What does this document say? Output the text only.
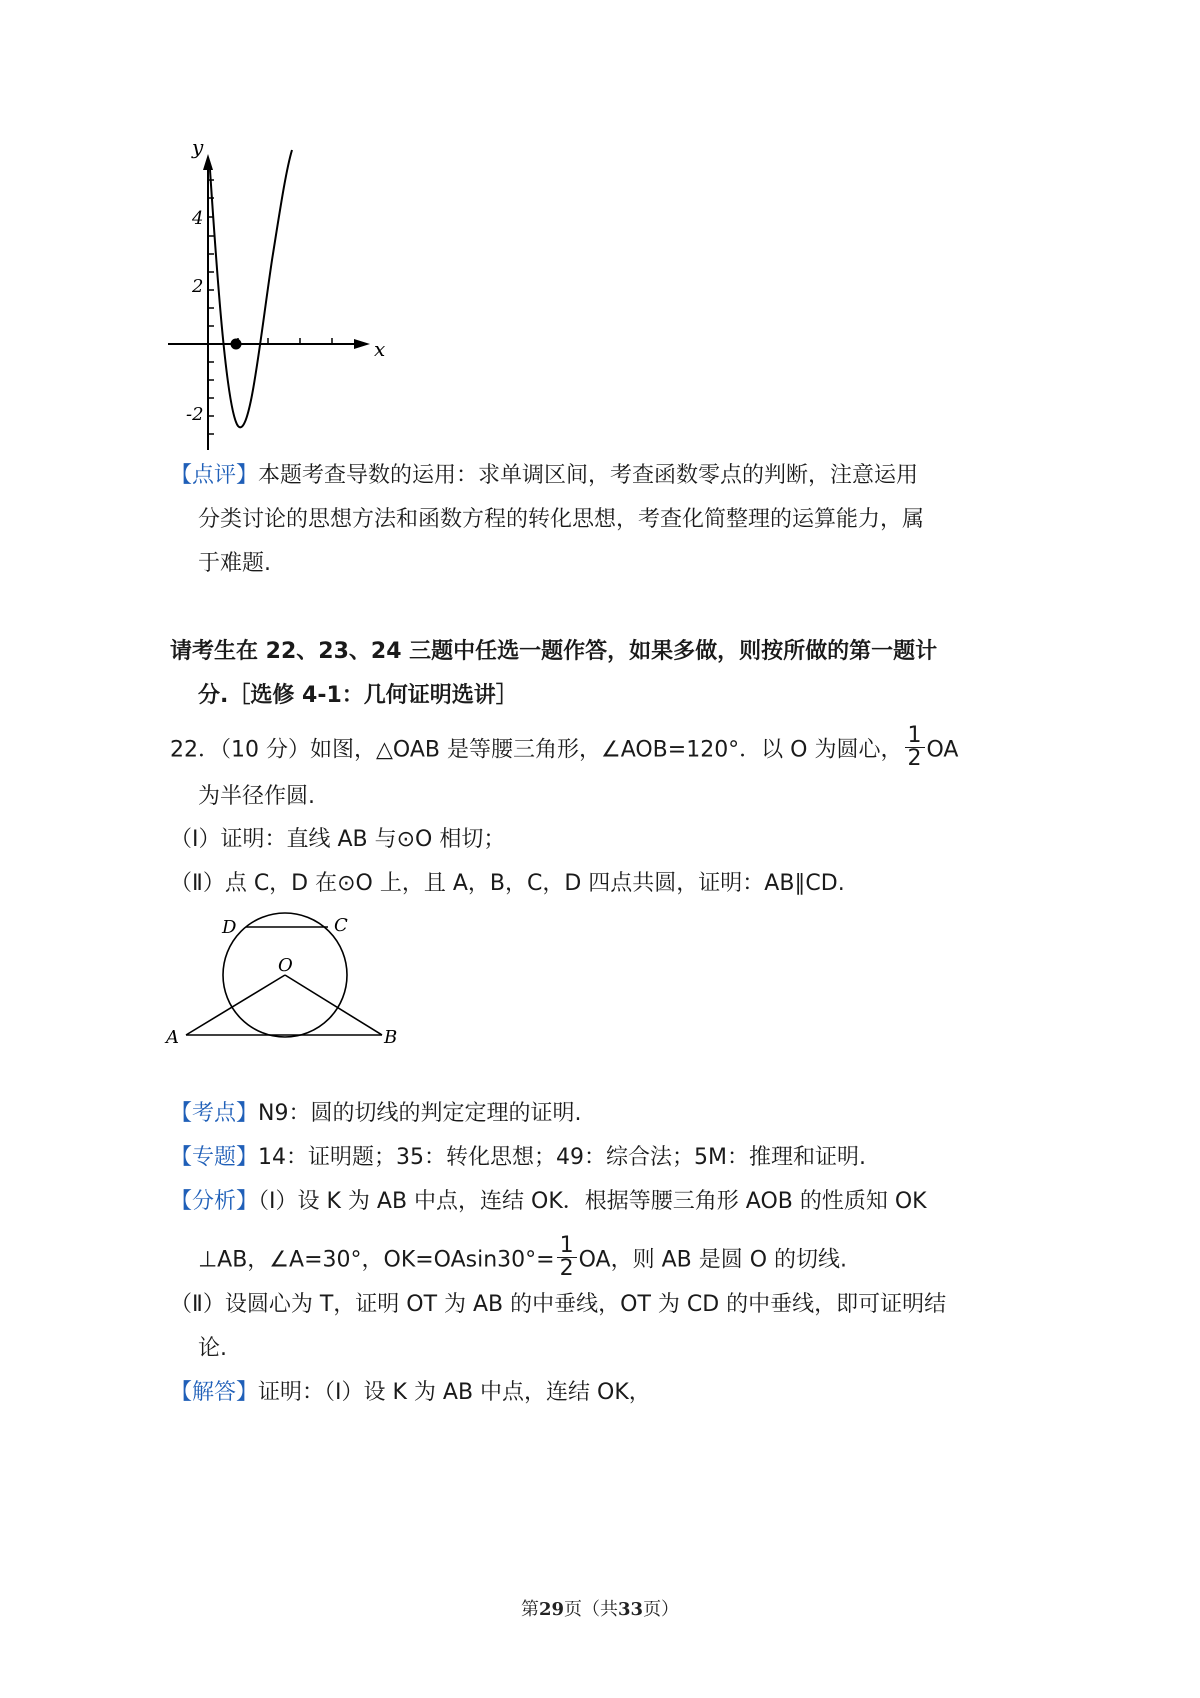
y
x
4
2
-2
【点评】本题考查导数的运用：求单调区间，考查函数零点的判断，注意运用
分类讨论的思想方法和函数方程的转化思想，考查化简整理的运算能力，属
于难题.
请考生在 22、23、24 三题中任选一题作答，如果多做，则按所做的第一题计
分.［选修 4-1：几何证明选讲］
22．（10 分）如图，△OAB 是等腰三角形，∠AOB=120°．以 O 为圆心， $\frac{1}{2}$ OA
为半径作圆.
（Ⅰ）证明：直线 AB 与⊙O 相切；
（Ⅱ）点 C，D 在⊙O 上，且 A，B，C，D 四点共圆，证明：AB∥CD.
D	C
O
A	B
【考点】N9：圆的切线的判定定理的证明.
【专题】14：证明题；35：转化思想；49：综合法；5M：推理和证明.
【分析】（Ⅰ）设 K 为 AB 中点，连结 OK．根据等腰三角形 AOB 的性质知 OK
⊥AB，∠A=30°，$OK=OAsin30^\circ= \frac{1}{2}$ OA，则 AB 是圆 O 的切线.
（Ⅱ）设圆心为 T，证明 OT 为 AB 的中垂线，OT 为 CD 的中垂线，即可证明结
论.
【解答】证明：（Ⅰ）设 K 为 AB 中点，连结 OK，
第29页（共33页）
